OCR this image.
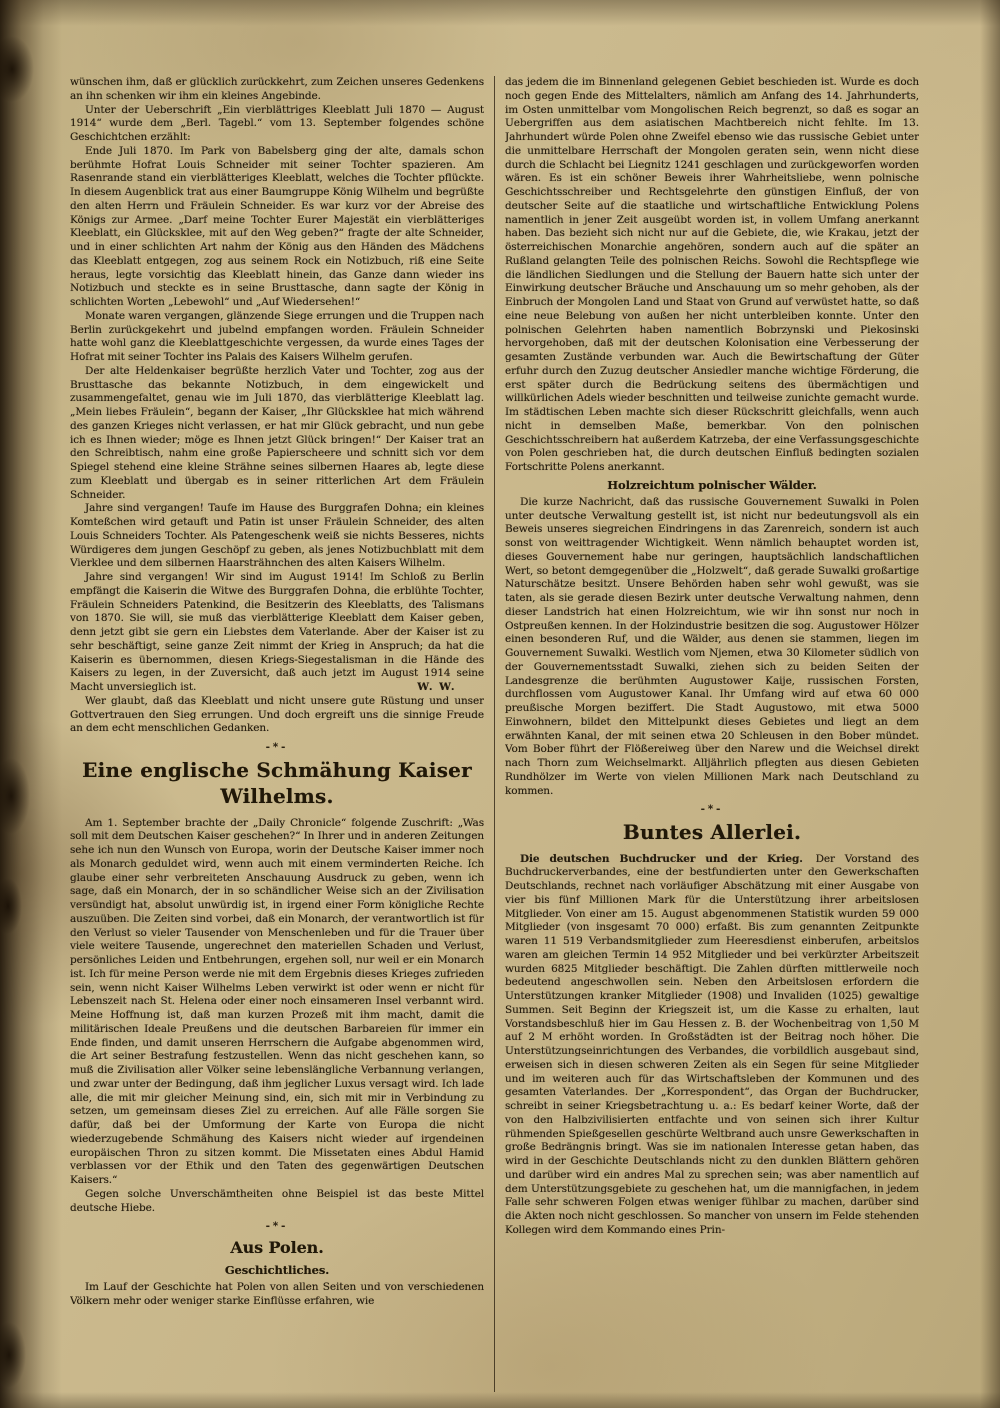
wünschen ihm, daß er glücklich zurückkehrt, zum Zeichen unseres Gedenkens an ihn schenken wir ihm ein kleines Angebinde.

Unter der Ueberschrift „Ein vierblättriges Kleeblatt Juli 1870 — August 1914“ wurde dem „Berl. Tagebl.“ vom 13. September folgendes schöne Geschichtchen erzählt:

Ende Juli 1870. Im Park von Babelsberg ging der alte, damals schon berühmte Hofrat Louis Schneider mit seiner Tochter spazieren. Am Rasenrande stand ein vierblätteriges Kleeblatt, welches die Tochter pflückte. In diesem Augenblick trat aus einer Baumgruppe König Wilhelm und begrüßte den alten Herrn und Fräulein Schneider. Es war kurz vor der Abreise des Königs zur Armee. „Darf meine Tochter Eurer Majestät ein vierblätteriges Kleeblatt, ein Glücksklee, mit auf den Weg geben?“ fragte der alte Schneider, und in einer schlichten Art nahm der König aus den Händen des Mädchens das Kleeblatt entgegen, zog aus seinem Rock ein Notizbuch, riß eine Seite heraus, legte vorsichtig das Kleeblatt hinein, das Ganze dann wieder ins Notizbuch und steckte es in seine Brusttasche, dann sagte der König in schlichten Worten „Lebewohl“ und „Auf Wiedersehen!“

Monate waren vergangen, glänzende Siege errungen und die Truppen nach Berlin zurückgekehrt und jubelnd empfangen worden. Fräulein Schneider hatte wohl ganz die Kleeblattgeschichte vergessen, da wurde eines Tages der Hofrat mit seiner Tochter ins Palais des Kaisers Wilhelm gerufen.

Der alte Heldenkaiser begrüßte herzlich Vater und Tochter, zog aus der Brusttasche das bekannte Notizbuch, in dem eingewickelt und zusammengefaltet, genau wie im Juli 1870, das vierblätterige Kleeblatt lag. „Mein liebes Fräulein“, begann der Kaiser, „Ihr Glücksklee hat mich während des ganzen Krieges nicht verlassen, er hat mir Glück gebracht, und nun gebe ich es Ihnen wieder; möge es Ihnen jetzt Glück bringen!“ Der Kaiser trat an den Schreibtisch, nahm eine große Papierscheere und schnitt sich vor dem Spiegel stehend eine kleine Strähne seines silbernen Haares ab, legte diese zum Kleeblatt und übergab es in seiner ritterlichen Art dem Fräulein Schneider.

Jahre sind vergangen! Taufe im Hause des Burggrafen Dohna; ein kleines Komteßchen wird getauft und Patin ist unser Fräulein Schneider, des alten Louis Schneiders Tochter. Als Patengeschenk weiß sie nichts Besseres, nichts Würdigeres dem jungen Geschöpf zu geben, als jenes Notizbuchblatt mit dem Vierklee und dem silbernen Haarsträhnchen des alten Kaisers Wilhelm.

Jahre sind vergangen! Wir sind im August 1914! Im Schloß zu Berlin empfängt die Kaiserin die Witwe des Burggrafen Dohna, die erblühte Tochter, Fräulein Schneiders Patenkind, die Besitzerin des Kleeblatts, des Talismans von 1870. Sie will, sie muß das vierblätterige Kleeblatt dem Kaiser geben, denn jetzt gibt sie gern ein Liebstes dem Vaterlande. Aber der Kaiser ist zu sehr beschäftigt, seine ganze Zeit nimmt der Krieg in Anspruch; da hat die Kaiserin es übernommen, diesen Kriegs-Siegestalisman in die Hände des Kaisers zu legen, in der Zuversicht, daß auch jetzt im August 1914 seine Macht unversieglich ist.	W. W.

Wer glaubt, daß das Kleeblatt und nicht unsere gute Rüstung und unser Gottvertrauen den Sieg errungen. Und doch ergreift uns die sinnige Freude an dem echt menschlichen Gedanken.

-*-
Eine englische Schmähung Kaiser Wilhelms.

Am 1. September brachte der „Daily Chronicle“ folgende Zuschrift: „Was soll mit dem Deutschen Kaiser geschehen?“ In Ihrer und in anderen Zeitungen sehe ich nun den Wunsch von Europa, worin der Deutsche Kaiser immer noch als Monarch geduldet wird, wenn auch mit einem verminderten Reiche. Ich glaube einer sehr verbreiteten Anschauung Ausdruck zu geben, wenn ich sage, daß ein Monarch, der in so schändlicher Weise sich an der Zivilisation versündigt hat, absolut unwürdig ist, in irgend einer Form königliche Rechte auszuüben. Die Zeiten sind vorbei, daß ein Monarch, der verantwortlich ist für den Verlust so vieler Tausender von Menschenleben und für die Trauer über viele weitere Tausende, ungerechnet den materiellen Schaden und Verlust, persönliches Leiden und Entbehrungen, ergehen soll, nur weil er ein Monarch ist. Ich für meine Person werde nie mit dem Ergebnis dieses Krieges zufrieden sein, wenn nicht Kaiser Wilhelms Leben verwirkt ist oder wenn er nicht für Lebenszeit nach St. Helena oder einer noch einsameren Insel verbannt wird. Meine Hoffnung ist, daß man kurzen Prozeß mit ihm macht, damit die militärischen Ideale Preußens und die deutschen Barbareien für immer ein Ende finden, und damit unseren Herrschern die Aufgabe abgenommen wird, die Art seiner Bestrafung festzustellen. Wenn das nicht geschehen kann, so muß die Zivilisation aller Völker seine lebenslängliche Verbannung verlangen, und zwar unter der Bedingung, daß ihm jeglicher Luxus versagt wird. Ich lade alle, die mit mir gleicher Meinung sind, ein, sich mit mir in Verbindung zu setzen, um gemeinsam dieses Ziel zu erreichen. Auf alle Fälle sorgen Sie dafür, daß bei der Umformung der Karte von Europa die nicht wiederzugebende Schmähung des Kaisers nicht wieder auf irgendeinen europäischen Thron zu sitzen kommt. Die Missetaten eines Abdul Hamid verblassen vor der Ethik und den Taten des gegenwärtigen Deutschen Kaisers.“

Gegen solche Unverschämtheiten ohne Beispiel ist das beste Mittel deutsche Hiebe.

-*-
Aus Polen.
Geschichtliches.

Im Lauf der Geschichte hat Polen von allen Seiten und von verschiedenen Völkern mehr oder weniger starke Einflüsse erfahren, wie

das jedem die im Binnenland gelegenen Gebiet beschieden ist. Wurde es doch noch gegen Ende des Mittelalters, nämlich am Anfang des 14. Jahrhunderts, im Osten unmittelbar vom Mongolischen Reich begrenzt, so daß es sogar an Uebergriffen aus dem asiatischen Machtbereich nicht fehlte. Im 13. Jahrhundert würde Polen ohne Zweifel ebenso wie das russische Gebiet unter die unmittelbare Herrschaft der Mongolen geraten sein, wenn nicht diese durch die Schlacht bei Liegnitz 1241 geschlagen und zurückgeworfen worden wären. Es ist ein schöner Beweis ihrer Wahrheitsliebe, wenn polnische Geschichtsschreiber und Rechtsgelehrte den günstigen Einfluß, der von deutscher Seite auf die staatliche und wirtschaftliche Entwicklung Polens namentlich in jener Zeit ausgeübt worden ist, in vollem Umfang anerkannt haben. Das bezieht sich nicht nur auf die Gebiete, die, wie Krakau, jetzt der österreichischen Monarchie angehören, sondern auch auf die später an Rußland gelangten Teile des polnischen Reichs. Sowohl die Rechtspflege wie die ländlichen Siedlungen und die Stellung der Bauern hatte sich unter der Einwirkung deutscher Bräuche und Anschauung um so mehr gehoben, als der Einbruch der Mongolen Land und Staat von Grund auf verwüstet hatte, so daß eine neue Belebung von außen her nicht unterbleiben konnte. Unter den polnischen Gelehrten haben namentlich Bobrzynski und Piekosinski hervorgehoben, daß mit der deutschen Kolonisation eine Verbesserung der gesamten Zustände verbunden war. Auch die Bewirtschaftung der Güter erfuhr durch den Zuzug deutscher Ansiedler manche wichtige Förderung, die erst später durch die Bedrückung seitens des übermächtigen und willkürlichen Adels wieder beschnitten und teilweise zunichte gemacht wurde. Im städtischen Leben machte sich dieser Rückschritt gleichfalls, wenn auch nicht in demselben Maße, bemerkbar. Von den polnischen Geschichtsschreibern hat außerdem Katrzeba, der eine Verfassungsgeschichte von Polen geschrieben hat, die durch deutschen Einfluß bedingten sozialen Fortschritte Polens anerkannt.

Holzreichtum polnischer Wälder.

Die kurze Nachricht, daß das russische Gouvernement Suwalki in Polen unter deutsche Verwaltung gestellt ist, ist nicht nur bedeutungsvoll als ein Beweis unseres siegreichen Eindringens in das Zarenreich, sondern ist auch sonst von weittragender Wichtigkeit. Wenn nämlich behauptet worden ist, dieses Gouvernement habe nur geringen, hauptsächlich landschaftlichen Wert, so betont demgegenüber die „Holzwelt“, daß gerade Suwalki großartige Naturschätze besitzt. Unsere Behörden haben sehr wohl gewußt, was sie taten, als sie gerade diesen Bezirk unter deutsche Verwaltung nahmen, denn dieser Landstrich hat einen Holzreichtum, wie wir ihn sonst nur noch in Ostpreußen kennen. In der Holzindustrie besitzen die sog. Augustower Hölzer einen besonderen Ruf, und die Wälder, aus denen sie stammen, liegen im Gouvernement Suwalki. Westlich vom Njemen, etwa 30 Kilometer südlich von der Gouvernementsstadt Suwalki, ziehen sich zu beiden Seiten der Landesgrenze die berühmten Augustower Kaije, russischen Forsten, durchflossen vom Augustower Kanal. Ihr Umfang wird auf etwa 60 000 preußische Morgen beziffert. Die Stadt Augustowo, mit etwa 5000 Einwohnern, bildet den Mittelpunkt dieses Gebietes und liegt an dem erwähnten Kanal, der mit seinen etwa 20 Schleusen in den Bober mündet. Vom Bober führt der Flößereiweg über den Narew und die Weichsel direkt nach Thorn zum Weichselmarkt. Alljährlich pflegten aus diesen Gebieten Rundhölzer im Werte von vielen Millionen Mark nach Deutschland zu kommen.

-*-
Buntes Allerlei.

Die deutschen Buchdrucker und der Krieg. Der Vorstand des Buchdruckerverbandes, eine der bestfundierten unter den Gewerkschaften Deutschlands, rechnet nach vorläufiger Abschätzung mit einer Ausgabe von vier bis fünf Millionen Mark für die Unterstützung ihrer arbeitslosen Mitglieder. Von einer am 15. August abgenommenen Statistik wurden 59 000 Mitglieder (von insgesamt 70 000) erfaßt. Bis zum genannten Zeitpunkte waren 11 519 Verbandsmitglieder zum Heeresdienst einberufen, arbeitslos waren am gleichen Termin 14 952 Mitglieder und bei verkürzter Arbeitszeit wurden 6825 Mitglieder beschäftigt. Die Zahlen dürften mittlerweile noch bedeutend angeschwollen sein. Neben den Arbeitslosen erfordern die Unterstützungen kranker Mitglieder (1908) und Invaliden (1025) gewaltige Summen. Seit Beginn der Kriegszeit ist, um die Kasse zu erhalten, laut Vorstandsbeschluß hier im Gau Hessen z. B. der Wochenbeitrag von 1,50 M auf 2 M erhöht worden. In Großstädten ist der Beitrag noch höher. Die Unterstützungseinrichtungen des Verbandes, die vorbildlich ausgebaut sind, erweisen sich in diesen schweren Zeiten als ein Segen für seine Mitglieder und im weiteren auch für das Wirtschaftsleben der Kommunen und des gesamten Vaterlandes. Der „Korrespondent“, das Organ der Buchdrucker, schreibt in seiner Kriegsbetrachtung u. a.: Es bedarf keiner Worte, daß der von den Halbzivilisierten entfachte und von seinen sich ihrer Kultur rühmenden Spießgesellen geschürte Weltbrand auch unsre Gewerkschaften in große Bedrängnis bringt. Was sie im nationalen Interesse getan haben, das wird in der Geschichte Deutschlands nicht zu den dunklen Blättern gehören und darüber wird ein andres Mal zu sprechen sein; was aber namentlich auf dem Unterstützungsgebiete zu geschehen hat, um die mannigfachen, in jedem Falle sehr schweren Folgen etwas weniger fühlbar zu machen, darüber sind die Akten noch nicht geschlossen. So mancher von unsern im Felde stehenden Kollegen wird dem Kommando eines Prin-
